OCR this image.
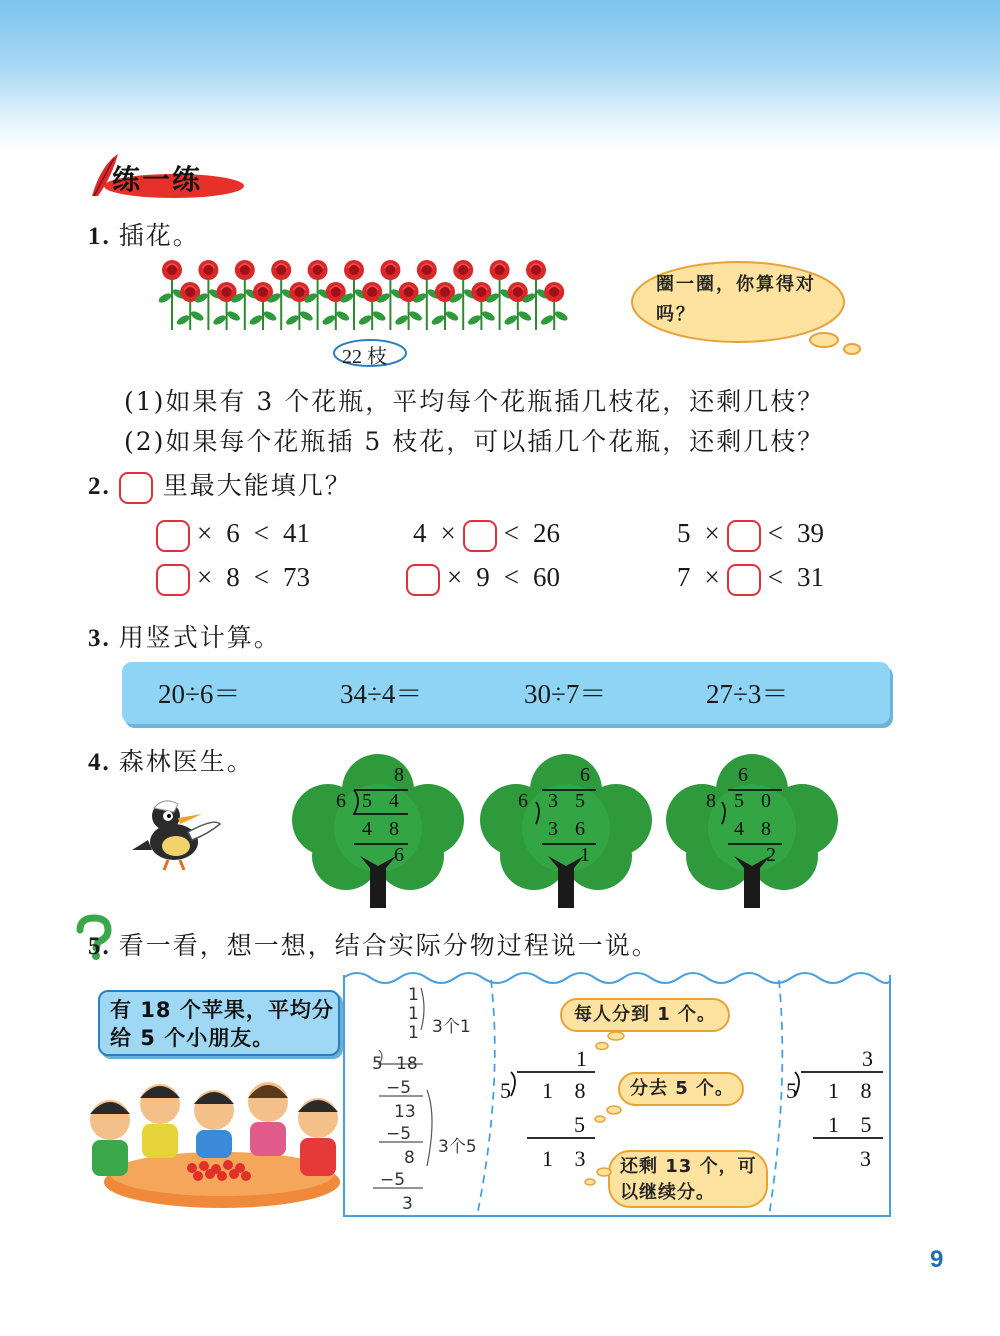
练一练
1. 插花。
22 枝
圈一圈，你算得对吗？
(1)如果有 3 个花瓶，平均每个花瓶插几枝花，还剩几枝？
(2)如果每个花瓶插 5 枝花，可以插几个花瓶，还剩几枝？
2. 里最大能填几？
× 6 < 41	4 × < 26	5 × < 39
× 8 < 73	× 9 < 60	7 × < 31
3. 用竖式计算。
20÷6＝	34÷4＝	30÷7＝	27÷3＝
4. 森林医生。	8
6 5 4
4 8
6
6
6 3 5
3 6
1
6
8 5 0
4 8
2
5. 看一看，想一想，结合实际分物过程说一说。
有 18 个苹果，平均分给 5 个小朋友。
1
1
1 3个1
5 18
−5
13
−5
8
−5
3
3个5
每人分到 1 个。
1
5 1 8 分去 5 个。
5
1 3 还剩 13 个，可以继续分。
3
5 1 8
1 5
3
9
